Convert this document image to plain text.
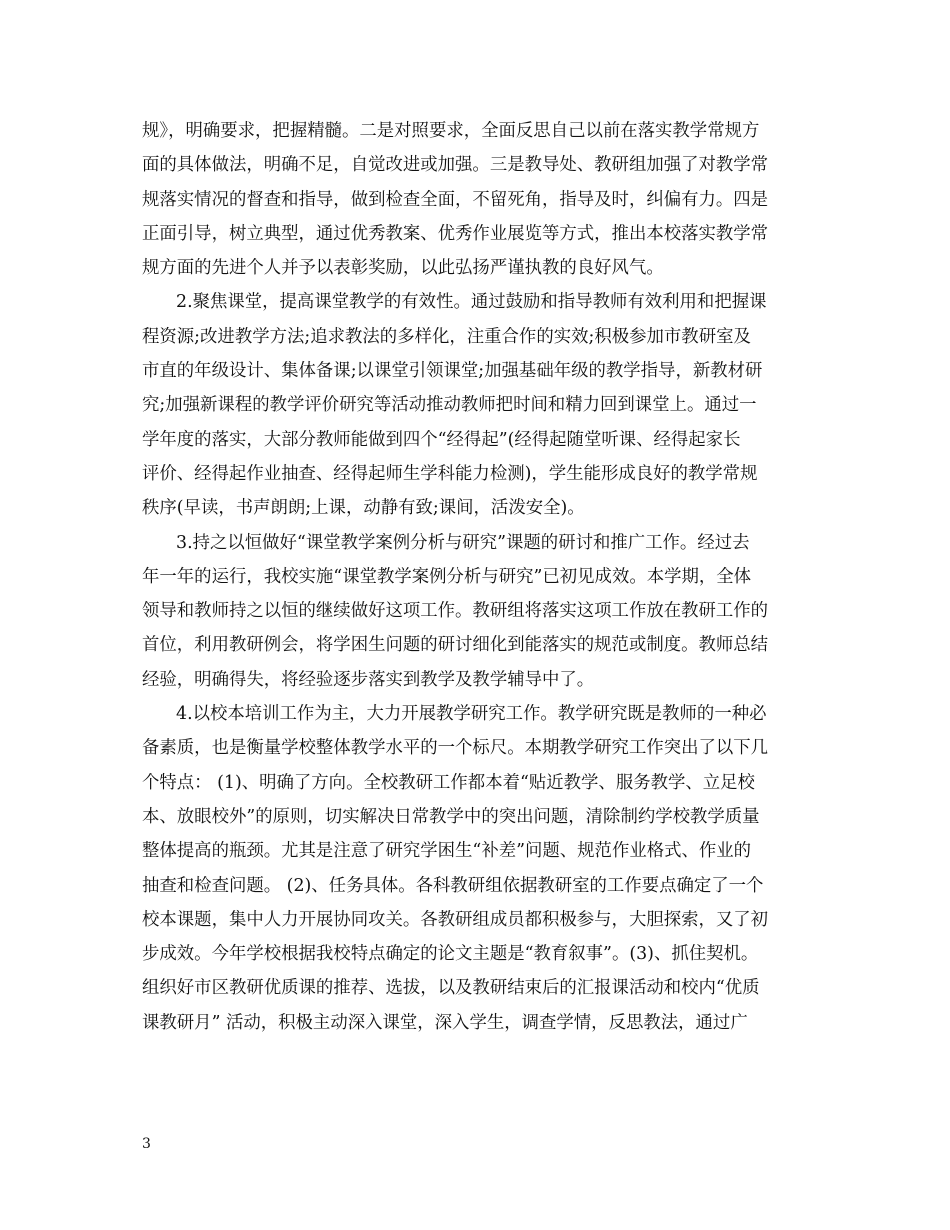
规》，明确要求，把握精髓。二是对照要求，全面反思自己以前在落实教学常规方
面的具体做法，明确不足，自觉改进或加强。三是教导处、教研组加强了对教学常
规落实情况的督查和指导，做到检查全面，不留死角，指导及时，纠偏有力。四是
正面引导，树立典型，通过优秀教案、优秀作业展览等方式，推出本校落实教学常
规方面的先进个人并予以表彰奖励，以此弘扬严谨执教的良好风气。
2.聚焦课堂，提高课堂教学的有效性。通过鼓励和指导教师有效利用和把握课
程资源;改进教学方法;追求教法的多样化，注重合作的实效;积极参加市教研室及
市直的年级设计、集体备课;以课堂引领课堂;加强基础年级的教学指导，新教材研
究;加强新课程的教学评价研究等活动推动教师把时间和精力回到课堂上。通过一
学年度的落实，大部分教师能做到四个“经得起”(经得起随堂听课、经得起家长
评价、经得起作业抽查、经得起师生学科能力检测)，学生能形成良好的教学常规
秩序(早读，书声朗朗;上课，动静有致;课间，活泼安全)。
3.持之以恒做好“课堂教学案例分析与研究”课题的研讨和推广工作。经过去
年一年的运行，我校实施“课堂教学案例分析与研究”已初见成效。本学期，全体
领导和教师持之以恒的继续做好这项工作。教研组将落实这项工作放在教研工作的
首位，利用教研例会，将学困生问题的研讨细化到能落实的规范或制度。教师总结
经验，明确得失，将经验逐步落实到教学及教学辅导中了。
4.以校本培训工作为主，大力开展教学研究工作。教学研究既是教师的一种必
备素质，也是衡量学校整体教学水平的一个标尺。本期教学研究工作突出了以下几
个特点： (1)、明确了方向。全校教研工作都本着“贴近教学、服务教学、立足校
本、放眼校外”的原则，切实解决日常教学中的突出问题，清除制约学校教学质量
整体提高的瓶颈。尤其是注意了研究学困生“补差”问题、规范作业格式、作业的
抽查和检查问题。 (2)、任务具体。各科教研组依据教研室的工作要点确定了一个
校本课题，集中人力开展协同攻关。各教研组成员都积极参与，大胆探索，又了初
步成效。今年学校根据我校特点确定的论文主题是“教育叙事”。(3)、抓住契机。
组织好市区教研优质课的推荐、选拔，以及教研结束后的汇报课活动和校内“优质
课教研月” 活动，积极主动深入课堂，深入学生，调查学情，反思教法，通过广
3
